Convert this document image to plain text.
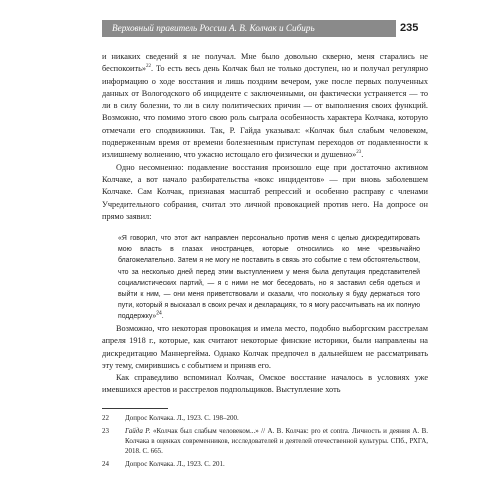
Верховный правитель России А. В. Колчак и Сибирь	235

и никаких сведений я не получал. Мне было довольно скверно, меня старались не беспокоить»$^{22}$. То есть весь день Колчак был не только доступен, но и получал регулярно информацию о ходе восстания и лишь поздним вечером, уже после первых полученных данных от Вологодского об инциденте с заключенными, он фактически устраняется — то ли в силу болезни, то ли в силу политических причин — от выполнения своих функций. Возможно, что помимо этого свою роль сыграла особенность характера Колчака, которую отмечали его сподвижники. Так, Р. Гайда указывал: «Колчак был слабым человеком, подверженным время от времени болезненным приступам переходов от подавленности к излишнему волнению, что ужасно истощало его физически и душевно»$^{23}$.

Одно несомненно: подавление восстания произошло еще при достаточно активном Колчаке, а вот начало разбирательства «вокс инцидентов» — при вновь заболевшем Колчаке. Сам Колчак, признавая масштаб репрессий и особенно расправу с членами Учредительного собрания, считал это личной провокацией против него. На допросе он прямо заявил:

«Я говорил, что этот акт направлен персонально против меня с целью дискредитировать мою власть в глазах иностранцев, которые относились ко мне чрезвычайно благожелательно. Затем я не могу не поставить в связь это событие с тем обстоятельством, что за несколько дней перед этим выступлением у меня была депутация представителей социалистических партий, — я с ними не мог беседовать, но я заставил себя одеться и выйти к ним, — они меня приветствовали и сказали, что поскольку я буду держаться того пути, который я высказал в своих речах и декларациях, то я могу рассчитывать на их полную поддержку»$^{24}$.

Возможно, что некоторая провокация и имела место, подобно выборгским расстрелам апреля 1918 г., которые, как считают некоторые финские историки, были направлены на дискредитацию Маннергейма. Однако Колчак предпочел в дальнейшем не рассматривать эту тему, смирившись с событием и приняв его.

Как справедливо вспоминал Колчак, Омское восстание началось в условиях уже имевшихся арестов и расстрелов подпольщиков. Выступление хоть

22	Допрос Колчака. Л., 1923. С. 198–200.
23	Гайда Р. «Колчак был слабым человеком...» // А. В. Колчак: pro et contra. Личность и деяния А. В. Колчака в оценках современников, исследователей и деятелей отечественной культуры. СПб., РХГА, 2018. С. 665.
24	Допрос Колчака. Л., 1923. С. 201.
